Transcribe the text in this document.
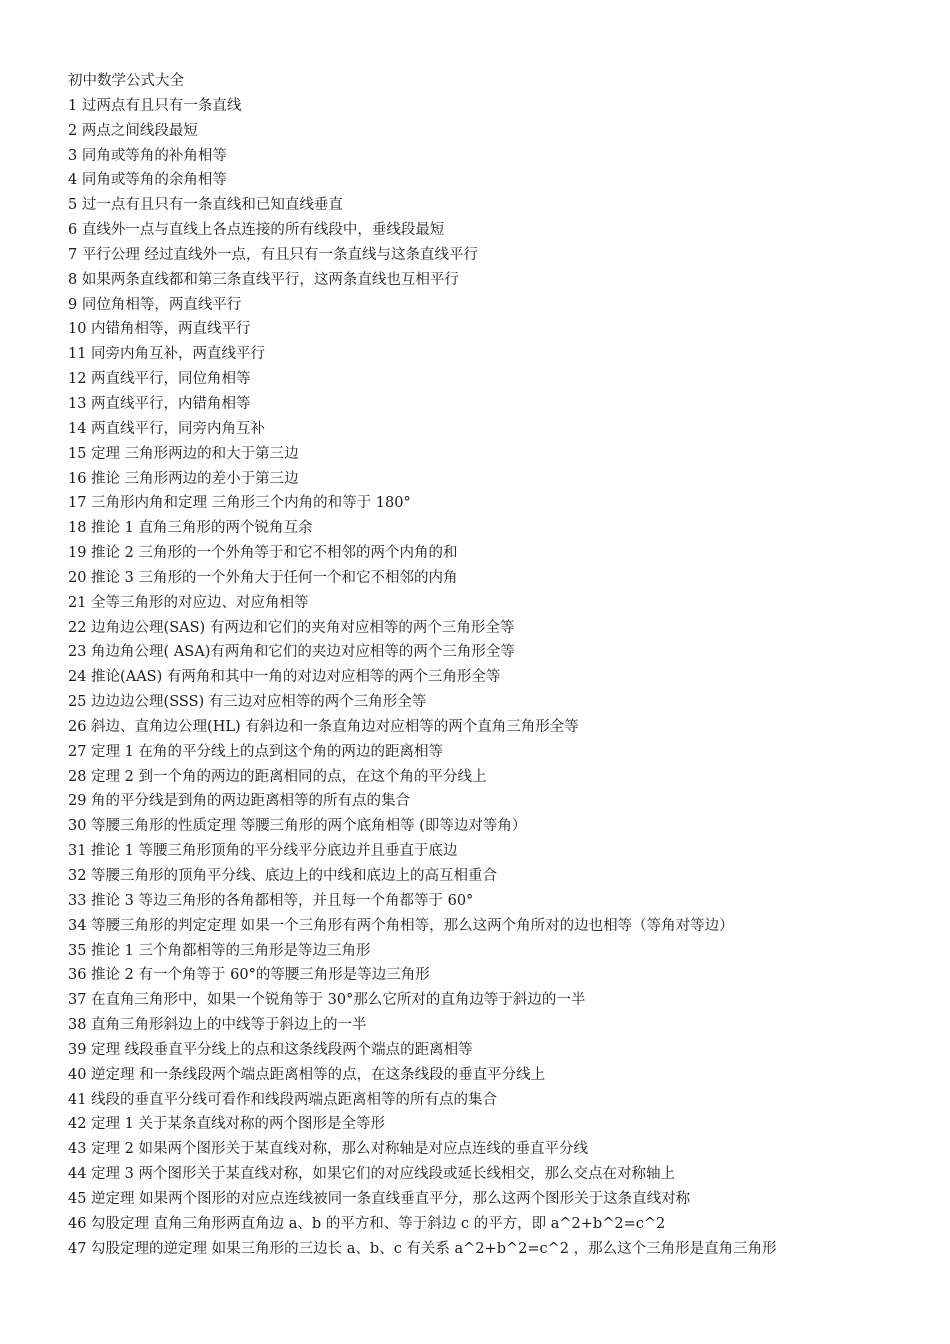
初中数学公式大全
1 过两点有且只有一条直线
2 两点之间线段最短
3 同角或等角的补角相等
4 同角或等角的余角相等
5 过一点有且只有一条直线和已知直线垂直
6 直线外一点与直线上各点连接的所有线段中，垂线段最短
7 平行公理 经过直线外一点，有且只有一条直线与这条直线平行
8 如果两条直线都和第三条直线平行，这两条直线也互相平行
9 同位角相等，两直线平行
10 内错角相等，两直线平行
11 同旁内角互补，两直线平行
12 两直线平行，同位角相等
13 两直线平行，内错角相等
14 两直线平行，同旁内角互补
15 定理 三角形两边的和大于第三边
16 推论 三角形两边的差小于第三边
17 三角形内角和定理 三角形三个内角的和等于 180°
18 推论 1 直角三角形的两个锐角互余
19 推论 2 三角形的一个外角等于和它不相邻的两个内角的和
20 推论 3 三角形的一个外角大于任何一个和它不相邻的内角
21 全等三角形的对应边、对应角相等
22 边角边公理(SAS) 有两边和它们的夹角对应相等的两个三角形全等
23 角边角公理( ASA)有两角和它们的夹边对应相等的两个三角形全等
24 推论(AAS) 有两角和其中一角的对边对应相等的两个三角形全等
25 边边边公理(SSS) 有三边对应相等的两个三角形全等
26 斜边、直角边公理(HL) 有斜边和一条直角边对应相等的两个直角三角形全等
27 定理 1 在角的平分线上的点到这个角的两边的距离相等
28 定理 2 到一个角的两边的距离相同的点，在这个角的平分线上
29 角的平分线是到角的两边距离相等的所有点的集合
30 等腰三角形的性质定理 等腰三角形的两个底角相等 (即等边对等角）
31 推论 1 等腰三角形顶角的平分线平分底边并且垂直于底边
32 等腰三角形的顶角平分线、底边上的中线和底边上的高互相重合
33 推论 3 等边三角形的各角都相等，并且每一个角都等于 60°
34 等腰三角形的判定定理 如果一个三角形有两个角相等，那么这两个角所对的边也相等（等角对等边）
35 推论 1 三个角都相等的三角形是等边三角形
36 推论 2 有一个角等于 60°的等腰三角形是等边三角形
37 在直角三角形中，如果一个锐角等于 30°那么它所对的直角边等于斜边的一半
38 直角三角形斜边上的中线等于斜边上的一半
39 定理 线段垂直平分线上的点和这条线段两个端点的距离相等
40 逆定理 和一条线段两个端点距离相等的点，在这条线段的垂直平分线上
41 线段的垂直平分线可看作和线段两端点距离相等的所有点的集合
42 定理 1 关于某条直线对称的两个图形是全等形
43 定理 2 如果两个图形关于某直线对称，那么对称轴是对应点连线的垂直平分线
44 定理 3 两个图形关于某直线对称，如果它们的对应线段或延长线相交，那么交点在对称轴上
45 逆定理 如果两个图形的对应点连线被同一条直线垂直平分，那么这两个图形关于这条直线对称
46 勾股定理 直角三角形两直角边 a、b 的平方和、等于斜边 c 的平方，即 a^2+b^2=c^2
47 勾股定理的逆定理 如果三角形的三边长 a、b、c 有关系 a^2+b^2=c^2 ，那么这个三角形是直角三角形
